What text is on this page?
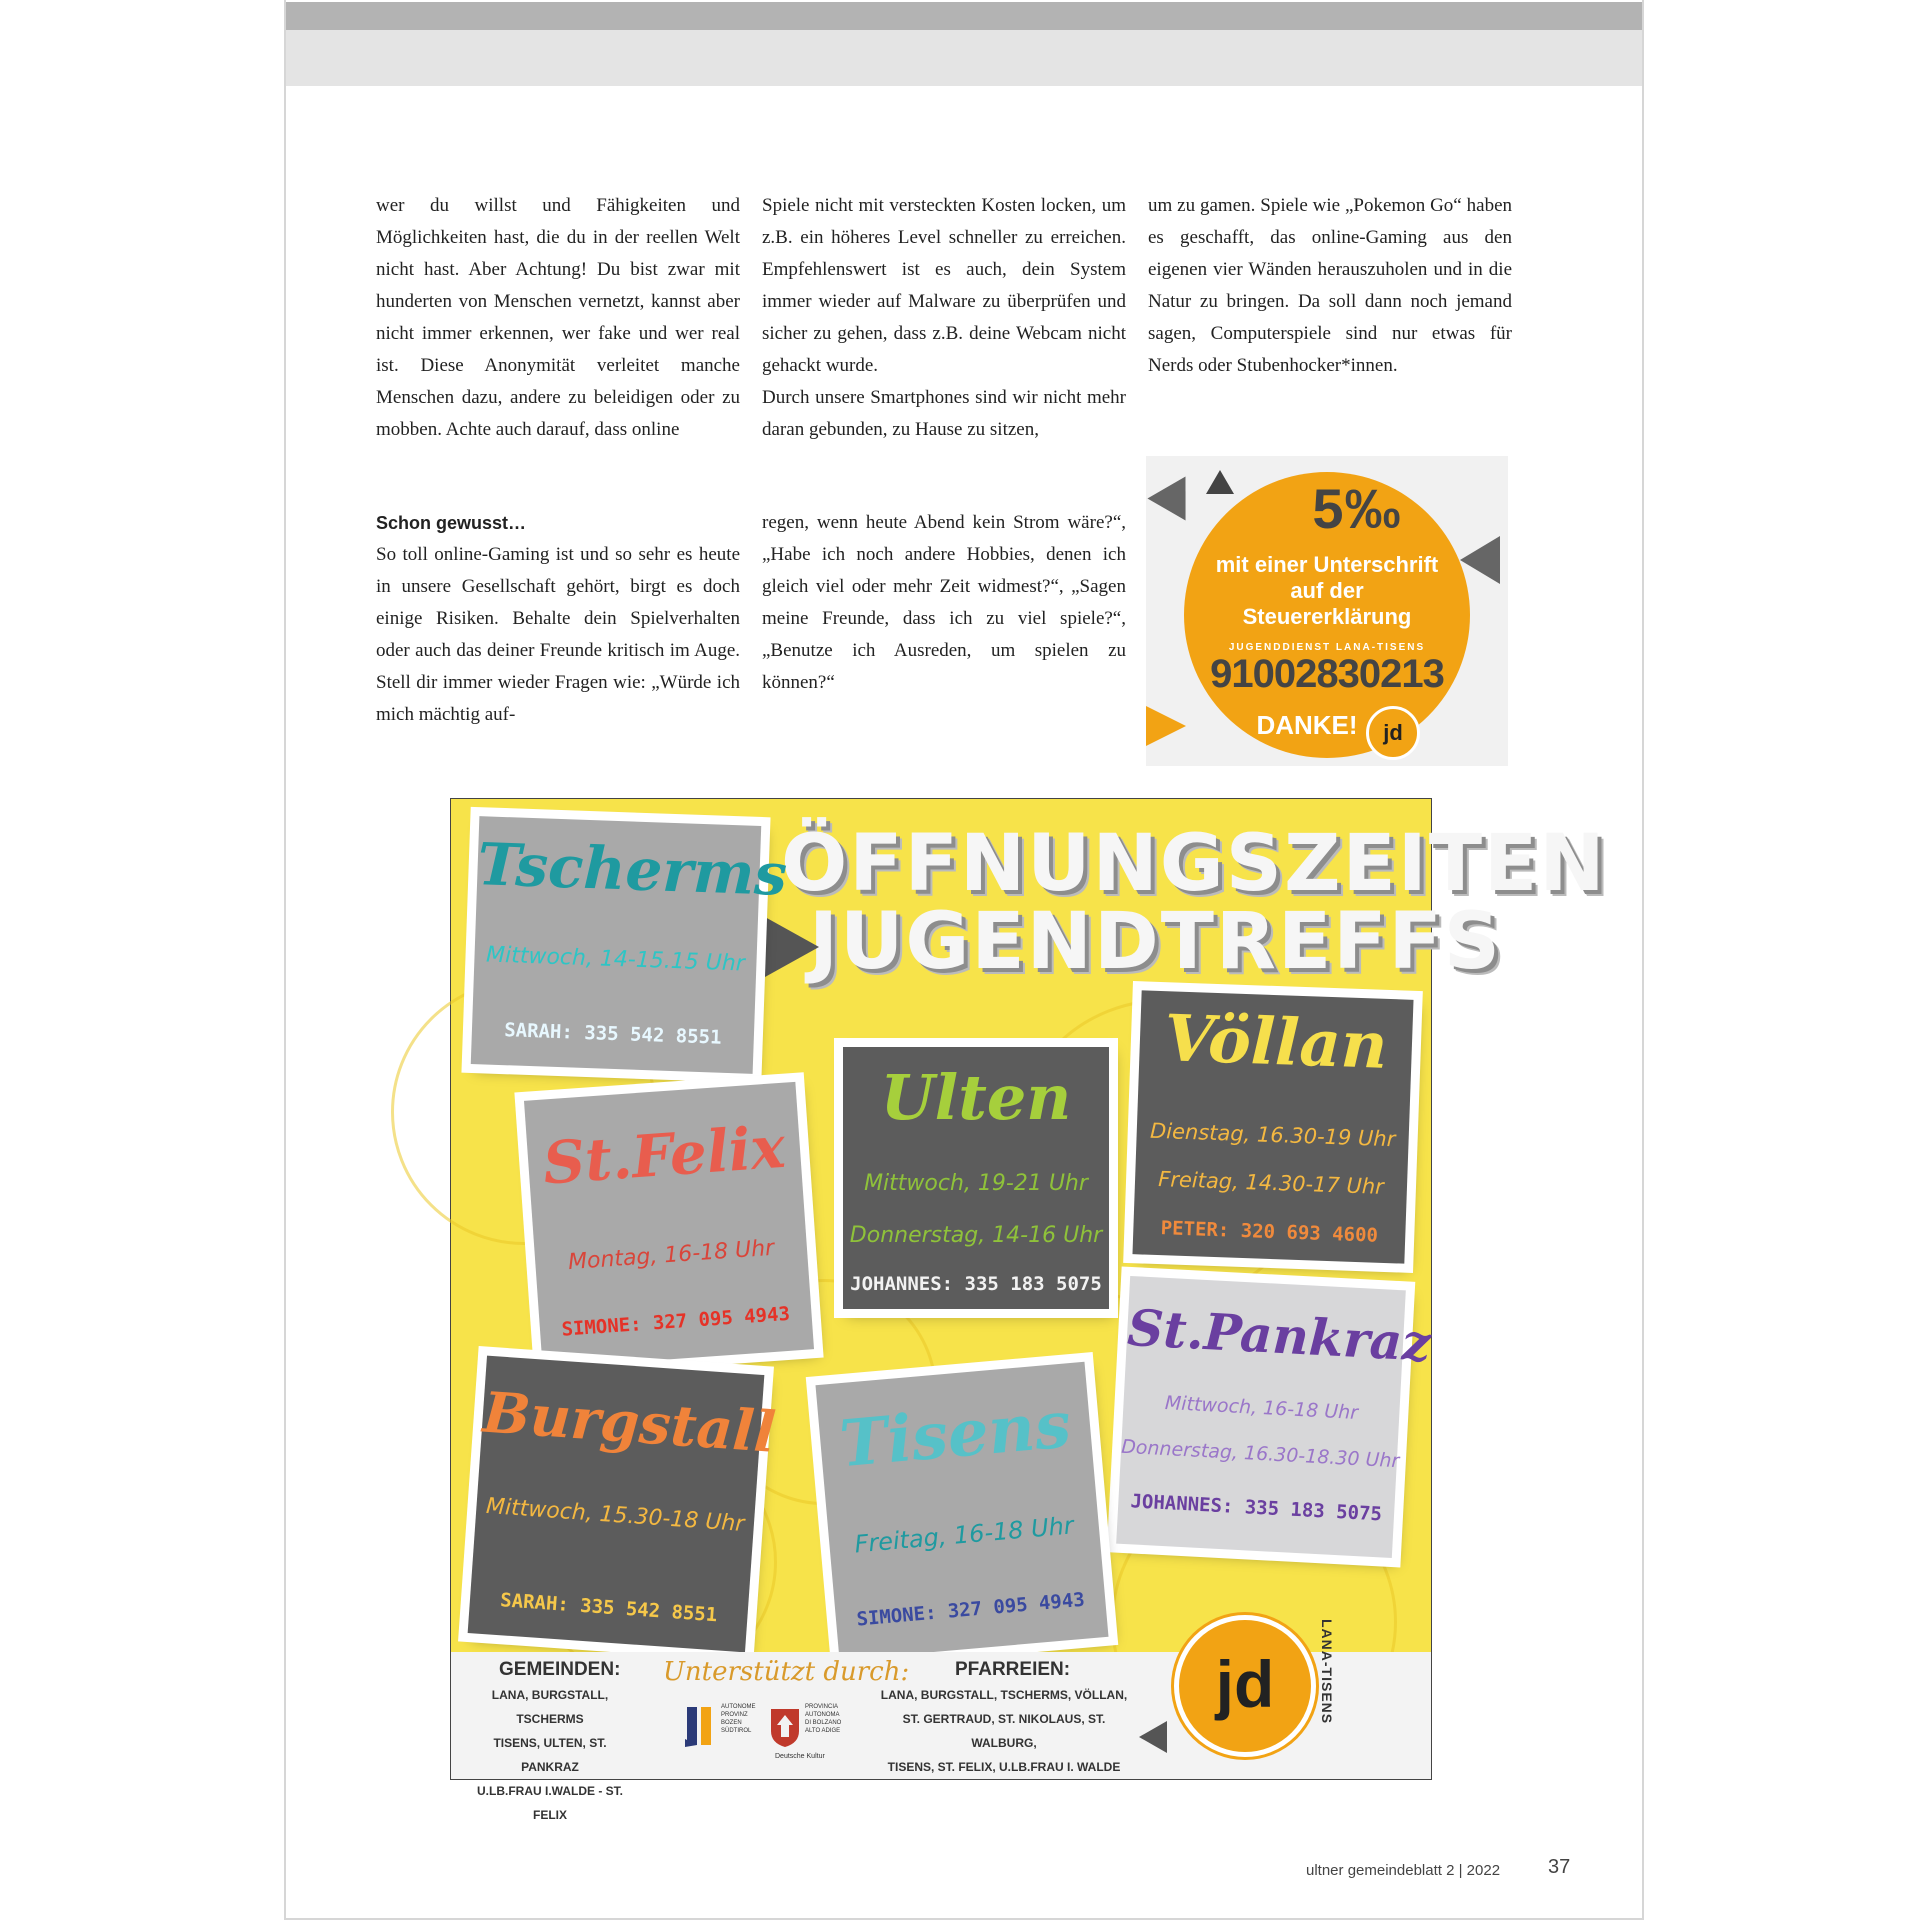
wer du willst und Fähigkeiten und Möglichkeiten hast, die du in der reellen Welt nicht hast. Aber Achtung! Du bist zwar mit hunderten von Menschen vernetzt, kannst aber nicht immer erkennen, wer fake und wer real ist. Diese Anonymität verleitet manche Menschen dazu, andere zu beleidigen oder zu mobben. Achte auch darauf, dass online

Spiele nicht mit versteckten Kosten locken, um z.B. ein höheres Level schneller zu erreichen. Empfehlenswert ist es auch, dein System immer wieder auf Malware zu überprüfen und sicher zu gehen, dass z.B. deine Webcam nicht gehackt wurde.

Durch unsere Smartphones sind wir nicht mehr daran gebunden, zu Hause zu sitzen,

um zu gamen. Spiele wie „Pokemon Go“ haben es geschafft, das online-Gaming aus den eigenen vier Wänden herauszuholen und in die Natur zu bringen. Da soll dann noch jemand sagen, Computerspiele sind nur etwas für Nerds oder Stubenhocker*innen.

Schon gewusst…

So toll online-Gaming ist und so sehr es heute in unsere Gesellschaft gehört, birgt es doch einige Risiken. Behalte dein Spielverhalten oder auch das deiner Freunde kritisch im Auge. Stell dir immer wieder Fragen wie: „Würde ich mich mächtig auf-

regen, wenn heute Abend kein Strom wäre?“, „Habe ich noch andere Hobbies, denen ich gleich viel oder mehr Zeit widmest?“, „Sagen meine Freunde, dass ich zu viel spiele?“, „Benutze ich Ausreden, um spielen zu können?“

5‰
mit einer Unterschrift
auf der
Steuererklärung
JUGENDDIENST LANA-TISENS
91002830213
DANKE!	jd
ÖFFNUNGSZEITEN
JUGENDTREFFS
Tscherms
Mittwoch, 14-15.15 Uhr
SARAH: 335 542 8551
St.Felix
Montag, 16-18 Uhr
SIMONE: 327 095 4943
Ulten
Mittwoch, 19-21 Uhr
Donnerstag, 14-16 Uhr
JOHANNES: 335 183 5075
Völlan
Dienstag, 16.30-19 Uhr
Freitag, 14.30-17 Uhr
PETER: 320 693 4600
St.Pankraz
Mittwoch, 16-18 Uhr
Donnerstag, 16.30-18.30 Uhr
JOHANNES: 335 183 5075
Burgstall
Mittwoch, 15.30-18 Uhr
SARAH: 335 542 8551
Tisens
Freitag, 16-18 Uhr
SIMONE: 327 095 4943
GEMEINDEN:

LANA, BURGSTALL, TSCHERMS

TISENS, ULTEN, ST. PANKRAZ

U.LB.FRAU I.WALDE - ST. FELIX

Unterstützt durch:
AUTONOME PROVINZ BOZEN SÜDTIROL
PROVINCIA AUTONOMA DI BOLZANO ALTO ADIGE
Deutsche Kultur
PFARREIEN:

LANA, BURGSTALL, TSCHERMS, VÖLLAN,

ST. GERTRAUD, ST. NIKOLAUS, ST. WALBURG,

TISENS, ST. FELIX, U.LB.FRAU I. WALDE

jd	LANA-TISENS
ultner gemeindeblatt 2 | 2022 37
